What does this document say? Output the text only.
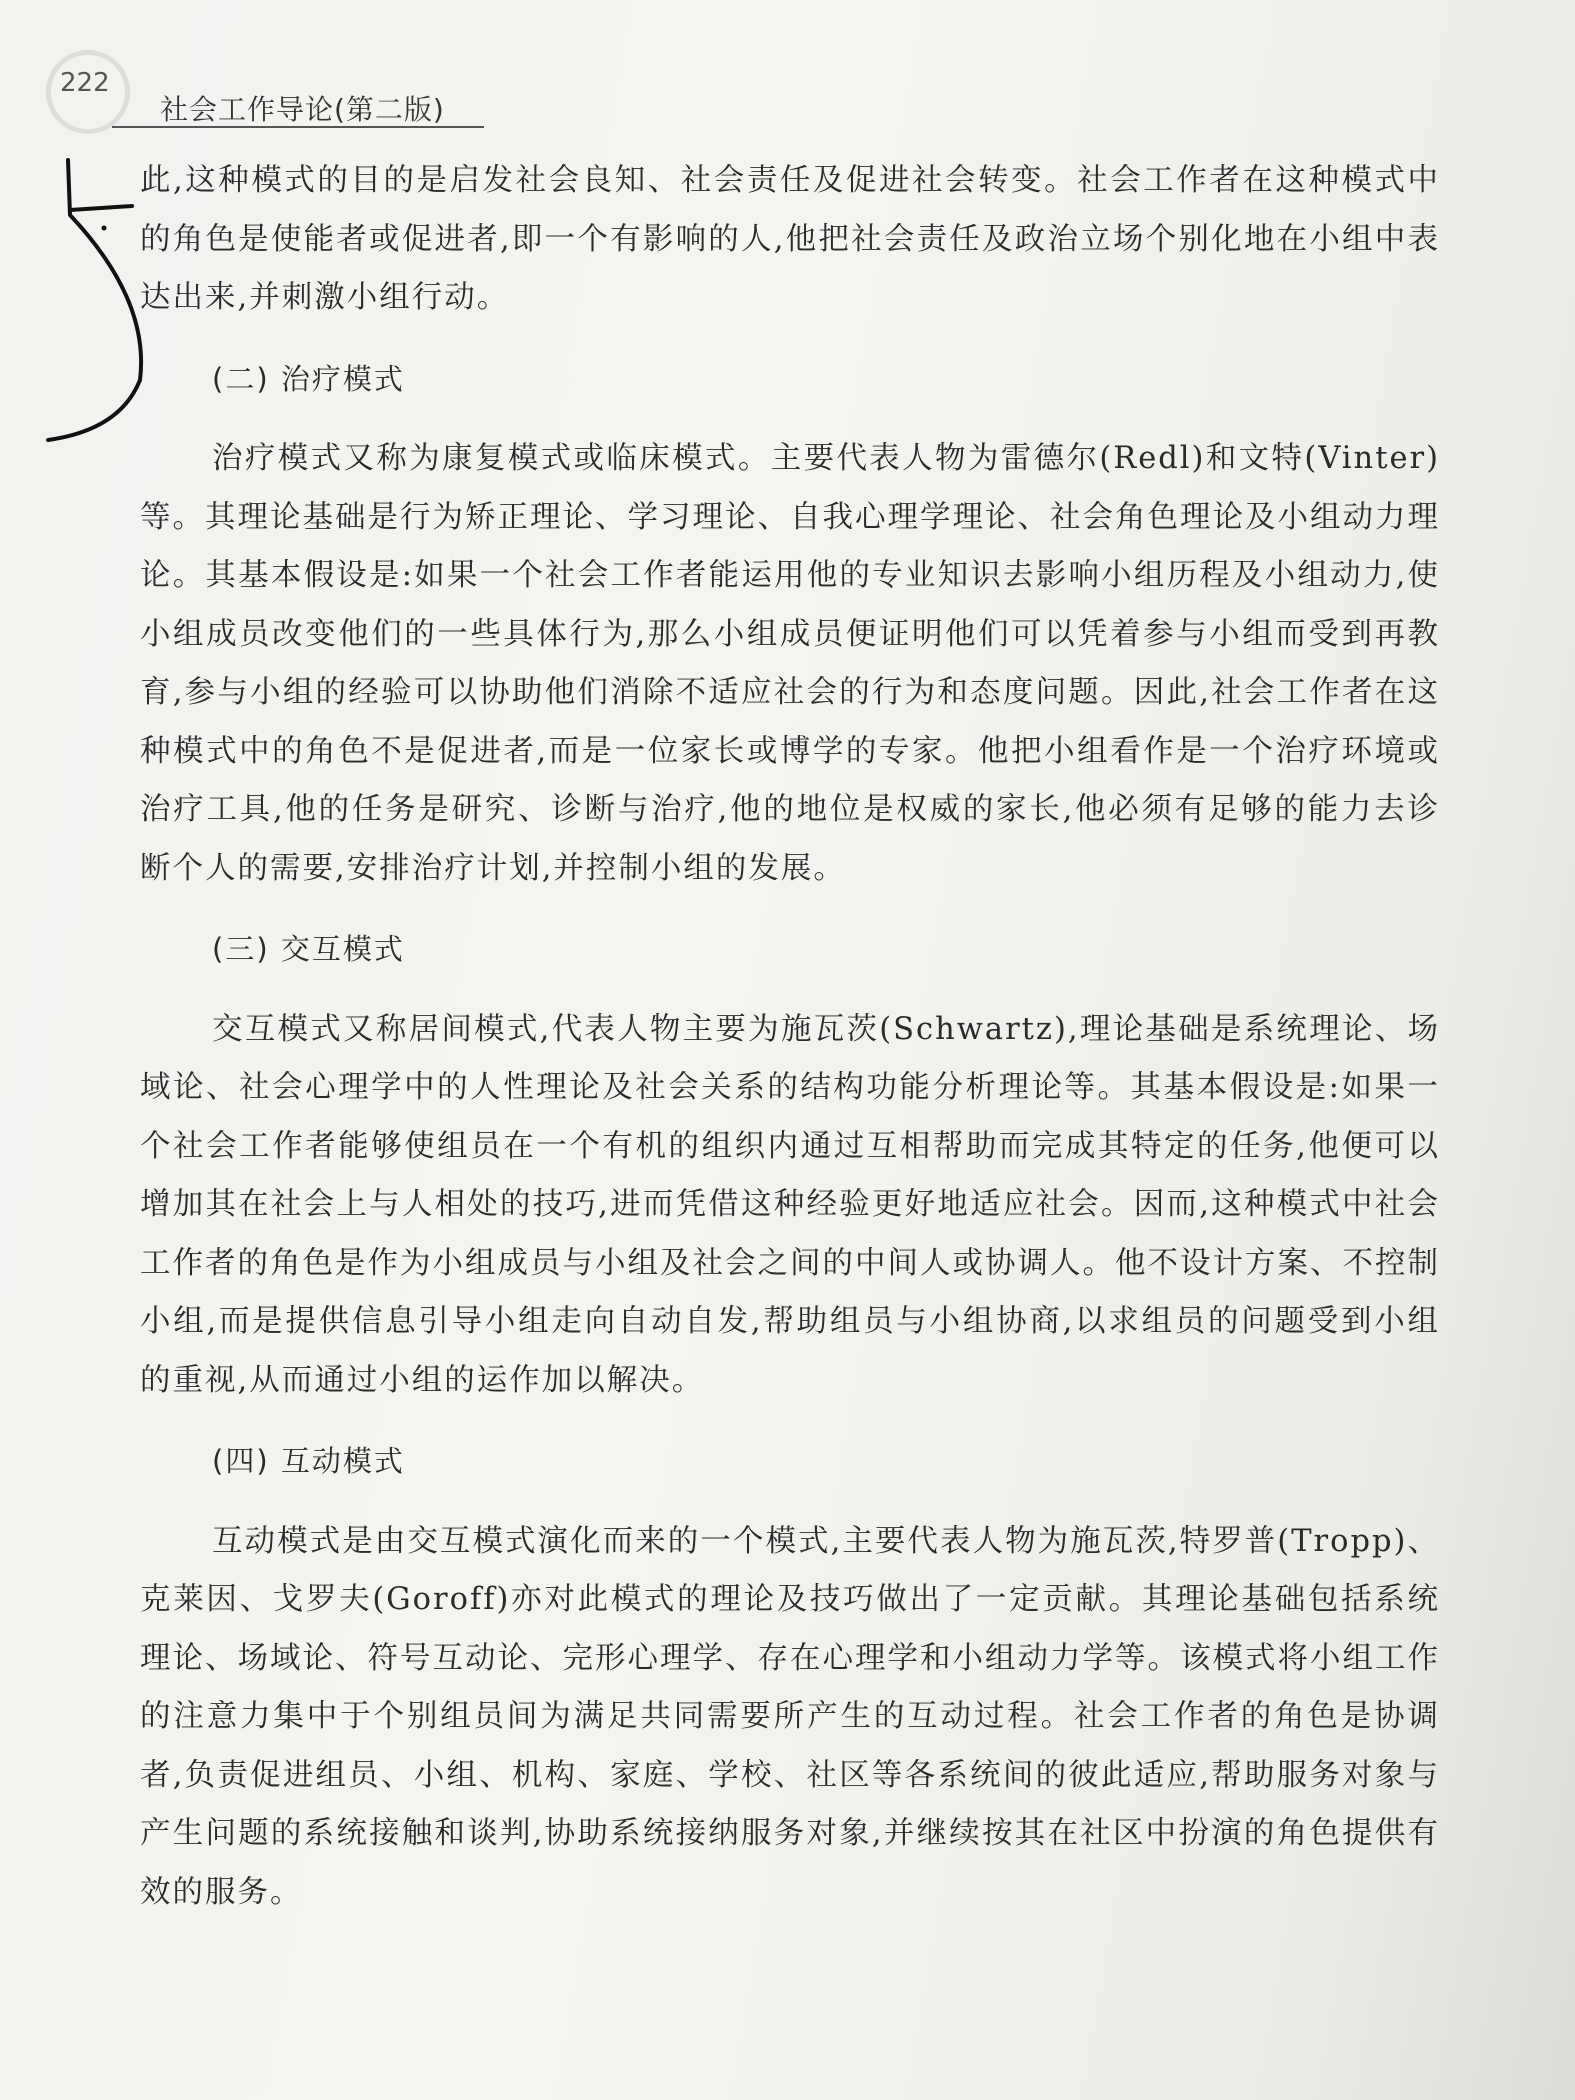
222
社会工作导论(第二版)

此,这种模式的目的是启发社会良知、社会责任及促进社会转变。社会工作者在这种模式中的角色是使能者或促进者,即一个有影响的人,他把社会责任及政治立场个别化地在小组中表达出来,并刺激小组行动。

(二) 治疗模式

治疗模式又称为康复模式或临床模式。主要代表人物为雷德尔(Redl)和文特(Vinter)等。其理论基础是行为矫正理论、学习理论、自我心理学理论、社会角色理论及小组动力理论。其基本假设是:如果一个社会工作者能运用他的专业知识去影响小组历程及小组动力,使小组成员改变他们的一些具体行为,那么小组成员便证明他们可以凭着参与小组而受到再教育,参与小组的经验可以协助他们消除不适应社会的行为和态度问题。因此,社会工作者在这种模式中的角色不是促进者,而是一位家长或博学的专家。他把小组看作是一个治疗环境或治疗工具,他的任务是研究、诊断与治疗,他的地位是权威的家长,他必须有足够的能力去诊断个人的需要,安排治疗计划,并控制小组的发展。

(三) 交互模式

交互模式又称居间模式,代表人物主要为施瓦茨(Schwartz),理论基础是系统理论、场域论、社会心理学中的人性理论及社会关系的结构功能分析理论等。其基本假设是:如果一个社会工作者能够使组员在一个有机的组织内通过互相帮助而完成其特定的任务,他便可以增加其在社会上与人相处的技巧,进而凭借这种经验更好地适应社会。因而,这种模式中社会工作者的角色是作为小组成员与小组及社会之间的中间人或协调人。他不设计方案、不控制小组,而是提供信息引导小组走向自动自发,帮助组员与小组协商,以求组员的问题受到小组的重视,从而通过小组的运作加以解决。

(四) 互动模式

互动模式是由交互模式演化而来的一个模式,主要代表人物为施瓦茨,特罗普(Tropp)、克莱因、戈罗夫(Goroff)亦对此模式的理论及技巧做出了一定贡献。其理论基础包括系统理论、场域论、符号互动论、完形心理学、存在心理学和小组动力学等。该模式将小组工作的注意力集中于个别组员间为满足共同需要所产生的互动过程。社会工作者的角色是协调者,负责促进组员、小组、机构、家庭、学校、社区等各系统间的彼此适应,帮助服务对象与产生问题的系统接触和谈判,协助系统接纳服务对象,并继续按其在社区中扮演的角色提供有效的服务。
